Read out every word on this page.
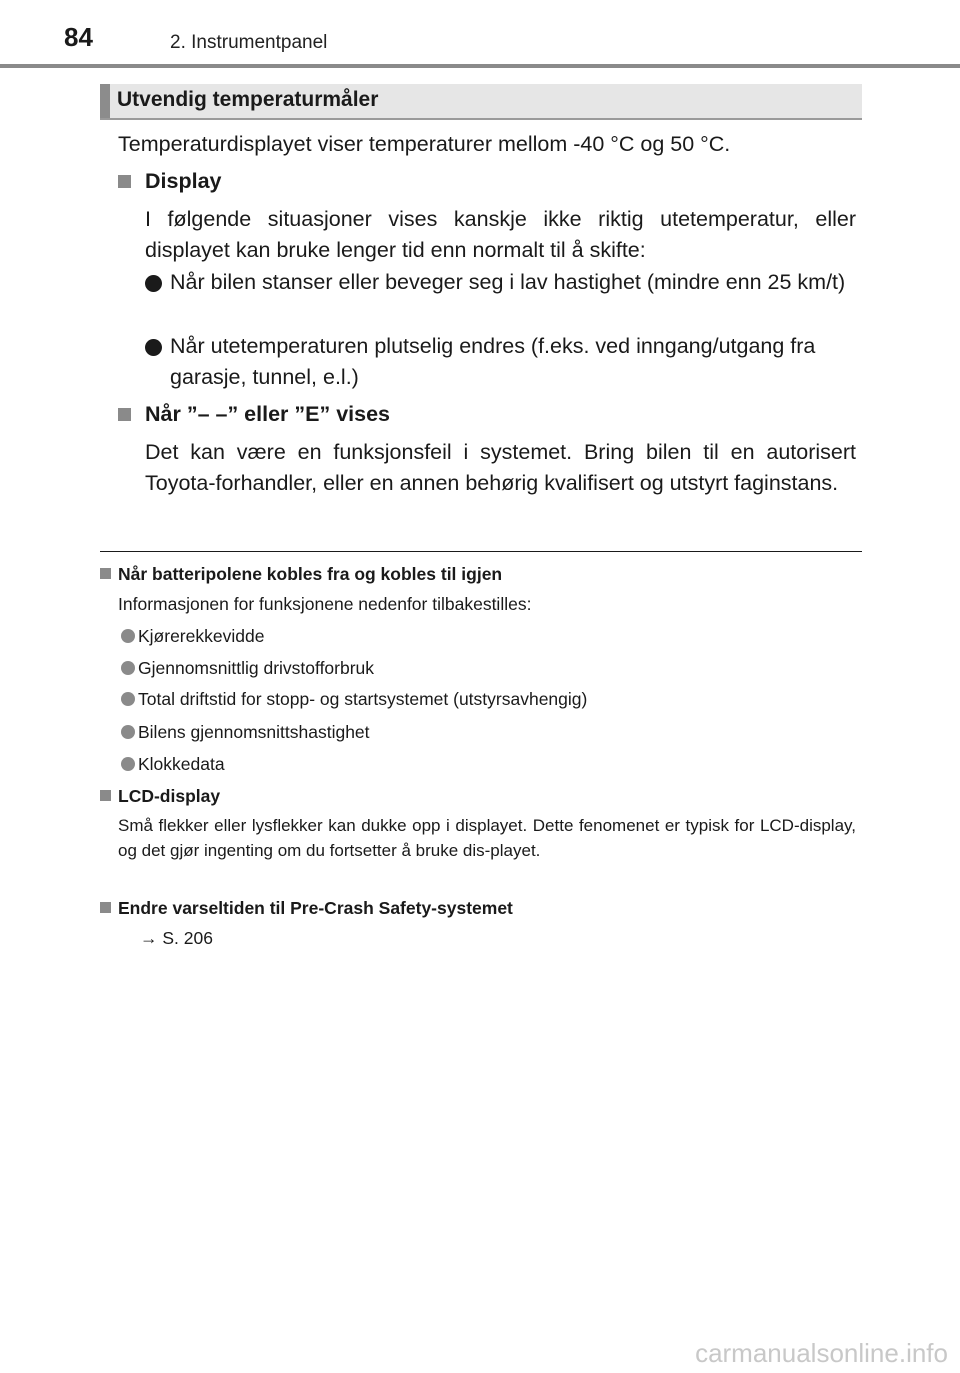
84	2. Instrumentpanel
Utvendig temperaturmåler
Temperaturdisplayet viser temperaturer mellom -40 °C og 50 °C.
Display
I følgende situasjoner vises kanskje ikke riktig utetemperatur, eller displayet kan bruke lenger tid enn normalt til å skifte:
Når bilen stanser eller beveger seg i lav hastighet (mindre enn 25 km/t)
Når utetemperaturen plutselig endres (f.eks. ved inngang/utgang fra garasje, tunnel, e.l.)
Når ”– –” eller ”E” vises
Det kan være en funksjonsfeil i systemet. Bring bilen til en autorisert Toyota-forhandler, eller en annen behørig kvalifisert og utstyrt faginstans.
Når batteripolene kobles fra og kobles til igjen
Informasjonen for funksjonene nedenfor tilbakestilles:
Kjørerekkevidde
Gjennomsnittlig drivstofforbruk
Total driftstid for stopp- og startsystemet (utstyrsavhengig)
Bilens gjennomsnittshastighet
Klokkedata
LCD-display
Små flekker eller lysflekker kan dukke opp i displayet. Dette fenomenet er typisk for LCD-display, og det gjør ingenting om du fortsetter å bruke dis-playet.
Endre varseltiden til Pre-Crash Safety-systemet
→ S. 206
carmanualsonline.info
